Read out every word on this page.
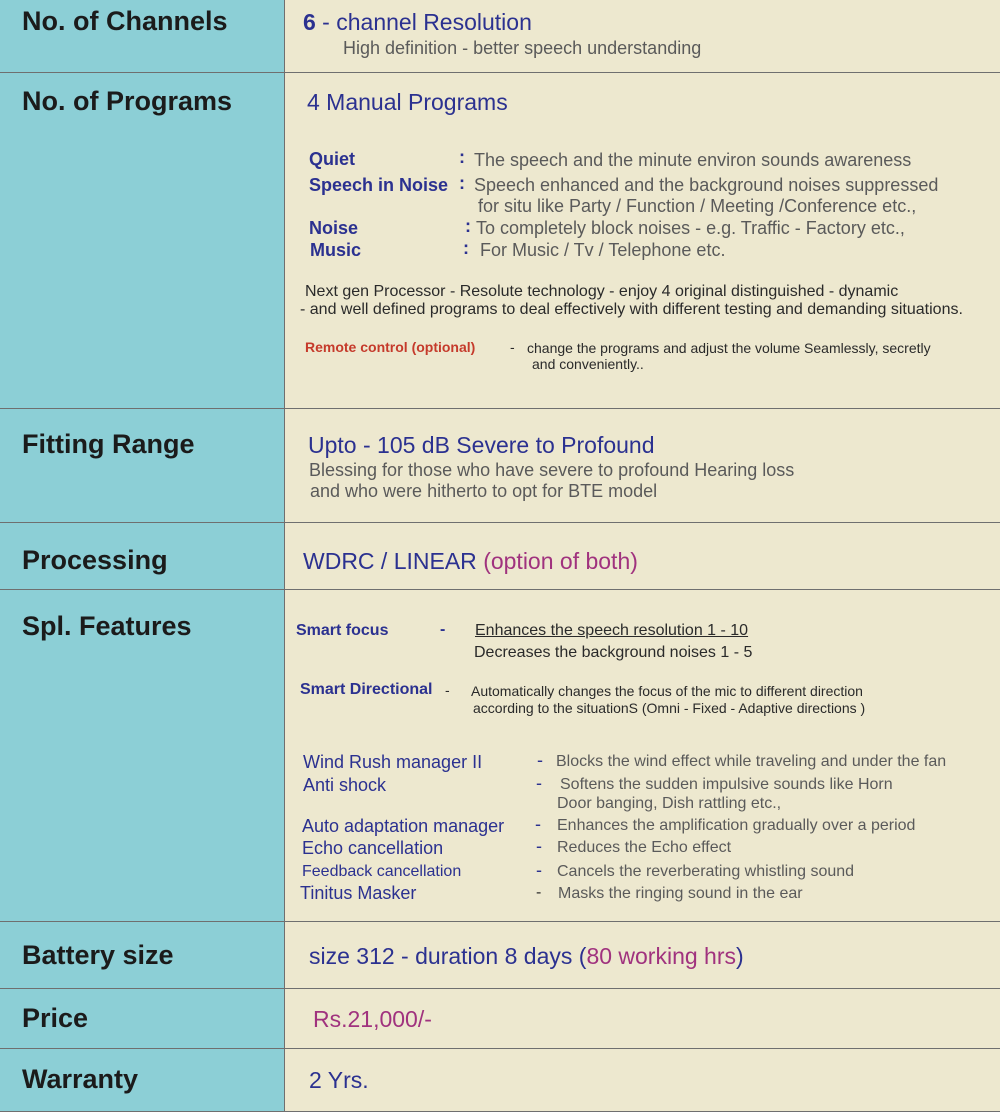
No. of Channels	6 - channel Resolution
High definition - better speech understanding
No. of Programs	4 Manual Programs
Quiet	: The speech and the minute environ sounds awareness
Speech in Noise : Speech enhanced and the background noises suppressed
for situ like Party / Function / Meeting /Conference etc.,
Noise	: To completely block noises - e.g. Traffic - Factory etc.,
Music	: For Music / Tv / Telephone etc.
Next gen Processor - Resolute technology - enjoy 4 original distinguished - dynamic
- and well defined programs to deal effectively with different testing and demanding situations.
Remote control (optional) - change the programs and adjust the volume Seamlessly, secretly
and conveniently..
Fitting Range	Upto - 105 dB Severe to Profound
Blessing for those who have severe to profound Hearing loss
and who were hitherto to opt for BTE model
Processing	WDRC / LINEAR (option of both)
Spl. Features	Smart focus	- Enhances the speech resolution 1 - 10
Decreases the background noises 1 - 5
Smart Directional - Automatically changes the focus of the mic to different direction
according to the situationS (Omni - Fixed - Adaptive directions )
Wind Rush manager II	- Blocks the wind effect while traveling and under the fan
Anti shock	- Softens the sudden impulsive sounds like Horn
Door banging, Dish rattling etc.,
Auto adaptation manager - Enhances the amplification gradually over a period
Echo cancellation	- Reduces the Echo effect
Feedback cancellation	- Cancels the reverberating whistling sound
Tinitus Masker	- Masks the ringing sound in the ear
Battery size	size 312 - duration 8 days (80 working hrs)
Price	Rs.21,000/-
Warranty	2 Yrs.
